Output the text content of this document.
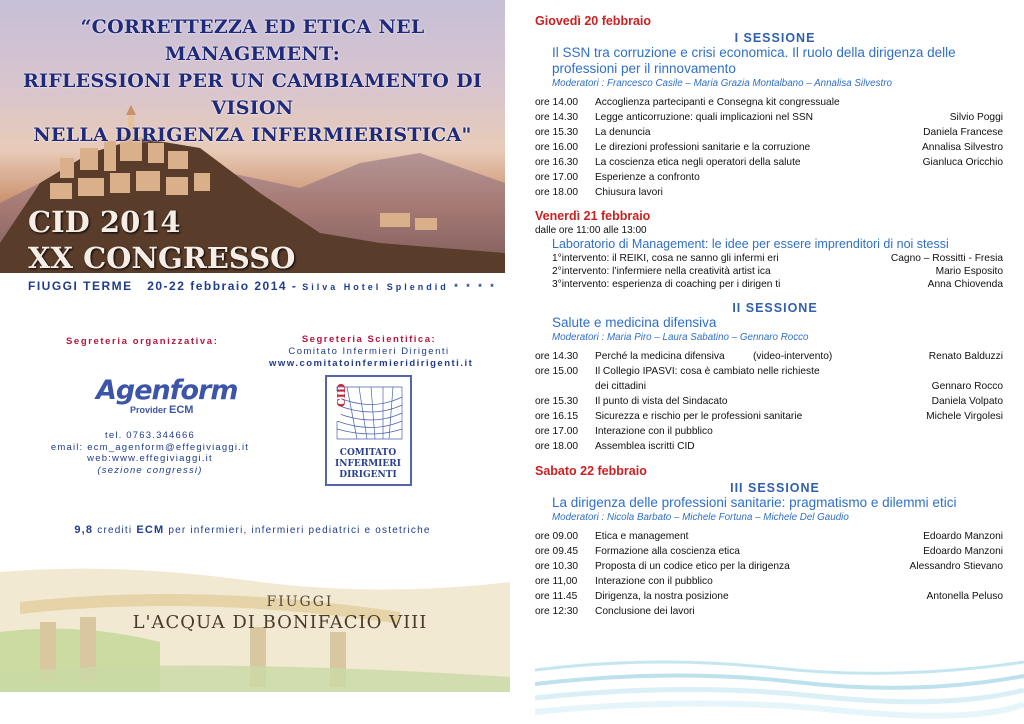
“CORRETTEZZA ED ETICA NEL MANAGEMENT:
RIFLESSIONI PER UN CAMBIAMENTO DI VISION
NELLA DIRIGENZA INFERMIERISTICA"
CID 2014
XX CONGRESSO
FIUGGI TERME 20-22 febbraio 2014 - Silva Hotel Splendid * * * *
Segreteria organizzativa:	Segreteria Scientifica:
Comitato Infermieri Dirigenti
www.comitatoinfermieridirigenti.it
Agenform
Provider ECM
tel. 0763.344666
email: ecm_agenform@effegiviaggi.it
web:www.effegiviaggi.it
(sezione congressi)
CID
COMITATO
INFERMIERI
DIRIGENTI
9,8 crediti ECM per infermieri, infermieri pediatrici e ostetriche
FIUGGI
L'ACQUA DI BONIFACIO VIII

Giovedì 20 febbraio

I SESSIONE

Il SSN tra corruzione e crisi economica. Il ruolo della dirigenza delle professioni per il rinnovamento
Moderatori : Francesco Casile – Maria Grazia Montalbano – Annalisa Silvestro
ore 14.00	Accoglienza partecipanti e Consegna kit congressuale
ore 14.30	Legge anticorruzione: quali implicazioni nel SSN	Silvio Poggi
ore 15.30	La denuncia	Daniela Francese
ore 16.00	Le direzioni professioni sanitarie e la corruzione	Annalisa Silvestro
ore 16.30	La coscienza etica negli operatori della salute	Gianluca Oricchio
ore 17.00	Esperienze a confronto
ore 18.00	Chiusura lavori

Venerdì 21 febbraio

dalle ore 11:00 alle 13:00
Laboratorio di Management: le idee per essere imprenditori di noi stessi
1°intervento: il REIKI, cosa ne sanno gli infermi eri	Cagno – Rossitti - Fresia
2°intervento: l’infermiere nella creatività artist ica	Mario Esposito
3°intervento: esperienza di coaching per i dirigen ti	Anna Chiovenda

II SESSIONE

Salute e medicina difensiva
Moderatori : Maria Piro – Laura Sabatino – Gennaro Rocco
ore 14.30	Perché la medicina difensiva          (video-intervento)	Renato Balduzzi
ore 15.00	Il Collegio IPASVI: cosa è cambiato nelle richieste
dei cittadini	Gennaro Rocco
ore 15.30	Il punto di vista del Sindacato	Daniela Volpato
ore 16.15	Sicurezza e rischio per le professioni sanitarie	Michele Virgolesi
ore 17.00	Interazione con il pubblico
ore 18.00	Assemblea iscritti CID

Sabato 22 febbraio

III SESSIONE

La dirigenza delle professioni sanitarie: pragmatismo e dilemmi etici
Moderatori : Nicola Barbato – Michele Fortuna – Michele Del Gaudio
ore 09.00	Etica e management	Edoardo Manzoni
ore 09.45	Formazione alla coscienza etica	Edoardo Manzoni
ore 10.30	Proposta di un codice etico per la dirigenza	Alessandro Stievano
ore 11,00	Interazione con il pubblico
ore 11.45	Dirigenza, la nostra posizione	Antonella Peluso
ore 12:30	Conclusione dei lavori
